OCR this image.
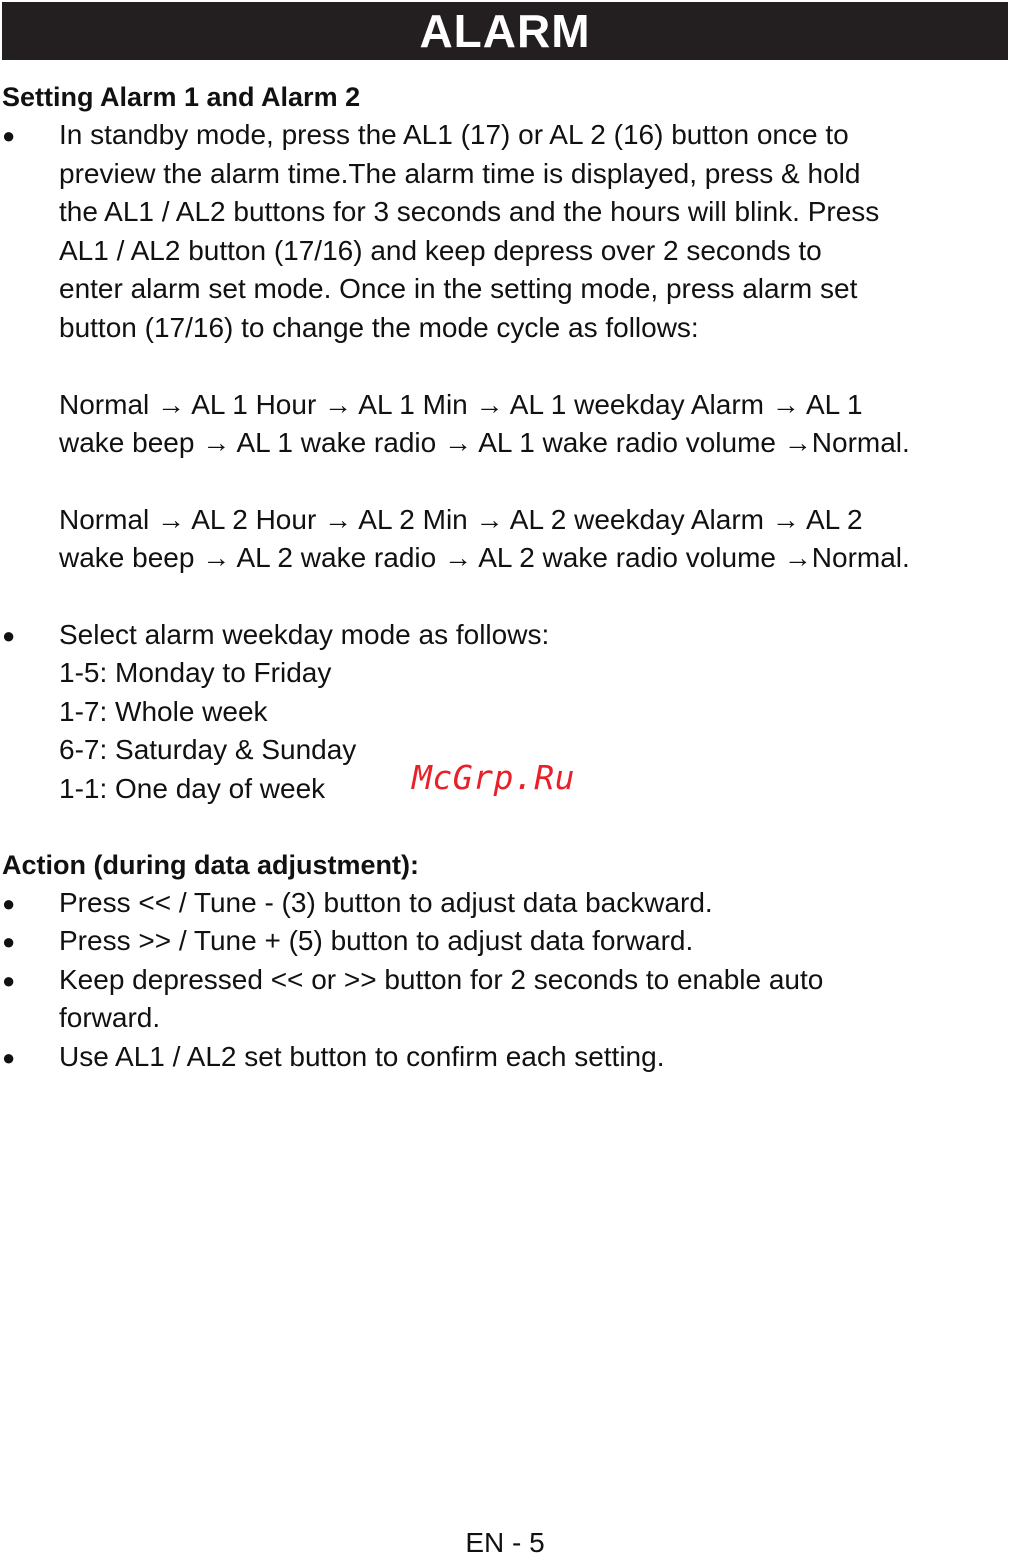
ALARM
Setting Alarm 1 and Alarm 2
● In standby mode, press the AL1 (17) or AL 2 (16) button once to
preview the alarm time.The alarm time is displayed, press & hold
the AL1 / AL2 buttons for 3 seconds and the hours will blink. Press
AL1 / AL2 button (17/16) and keep depress over 2 seconds to
enter alarm set mode. Once in the setting mode, press alarm set
button (17/16) to change the mode cycle as follows:
Normal → AL 1 Hour → AL 1 Min → AL 1 weekday Alarm → AL 1
wake beep → AL 1 wake radio → AL 1 wake radio volume →Normal.
Normal → AL 2 Hour → AL 2 Min → AL 2 weekday Alarm → AL 2
wake beep → AL 2 wake radio → AL 2 wake radio volume →Normal.
● Select alarm weekday mode as follows:
1-5: Monday to Friday
1-7: Whole week
6-7: Saturday & Sunday
1-1: One day of week	McGrp.Ru
Action (during data adjustment):
● Press << / Tune - (3) button to adjust data backward.
● Press >> / Tune + (5) button to adjust data forward.
● Keep depressed << or >> button for 2 seconds to enable auto
forward.
● Use AL1 / AL2 set button to confirm each setting.
EN - 5
